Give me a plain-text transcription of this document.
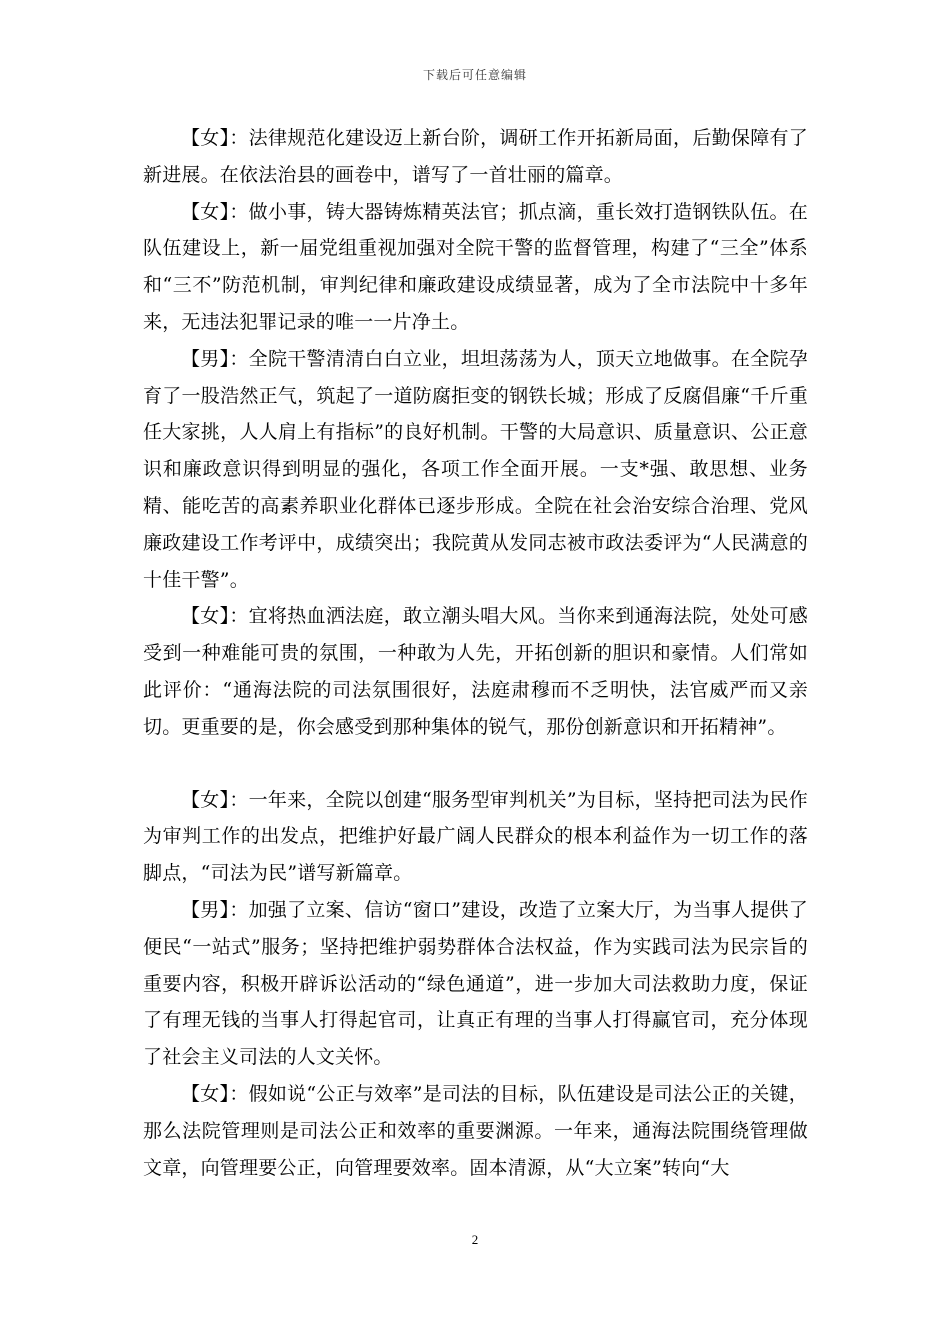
下载后可任意编辑

【女】：法律规范化建设迈上新台阶，调研工作开拓新局面，后勤保障有了新进展。在依法治县的画卷中，谱写了一首壮丽的篇章。

【女】：做小事，铸大器铸炼精英法官；抓点滴，重长效打造钢铁队伍。在队伍建设上，新一届党组重视加强对全院干警的监督管理，构建了“三全”体系和“三不”防范机制，审判纪律和廉政建设成绩显著，成为了全市法院中十多年来，无违法犯罪记录的唯一一片净土。

【男】：全院干警清清白白立业，坦坦荡荡为人，顶天立地做事。在全院孕育了一股浩然正气，筑起了一道防腐拒变的钢铁长城；形成了反腐倡廉“千斤重任大家挑，人人肩上有指标”的良好机制。干警的大局意识、质量意识、公正意识和廉政意识得到明显的强化，各项工作全面开展。一支*强、敢思想、业务精、能吃苦的高素养职业化群体已逐步形成。全院在社会治安综合治理、党风廉政建设工作考评中，成绩突出；我院黄从发同志被市政法委评为“人民满意的十佳干警”。

【女】：宜将热血洒法庭，敢立潮头唱大风。当你来到通海法院，处处可感受到一种难能可贵的氛围，一种敢为人先，开拓创新的胆识和豪情。人们常如此评价：“通海法院的司法氛围很好，法庭肃穆而不乏明快，法官威严而又亲切。更重要的是，你会感受到那种集体的锐气，那份创新意识和开拓精神”。

【女】：一年来，全院以创建“服务型审判机关”为目标，坚持把司法为民作为审判工作的出发点，把维护好最广阔人民群众的根本利益作为一切工作的落脚点，“司法为民”谱写新篇章。

【男】：加强了立案、信访“窗口”建设，改造了立案大厅，为当事人提供了便民“一站式”服务；坚持把维护弱势群体合法权益，作为实践司法为民宗旨的重要内容，积极开辟诉讼活动的“绿色通道”，进一步加大司法救助力度，保证了有理无钱的当事人打得起官司，让真正有理的当事人打得赢官司，充分体现了社会主义司法的人文关怀。

【女】：假如说“公正与效率”是司法的目标，队伍建设是司法公正的关键，那么法院管理则是司法公正和效率的重要渊源。一年来，通海法院围绕管理做文章，向管理要公正，向管理要效率。固本清源，从“大立案”转向“大

2
